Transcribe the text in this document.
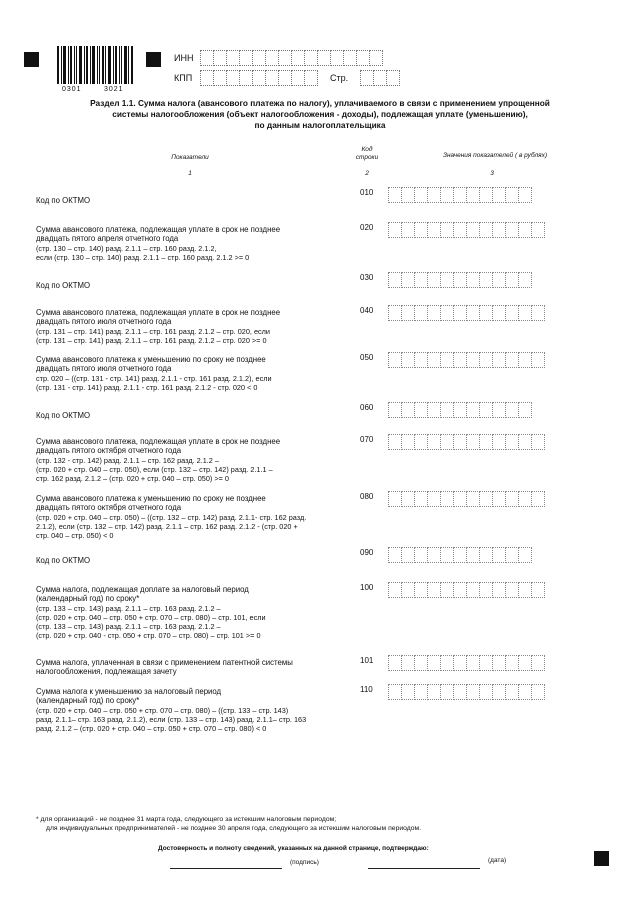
0301	3021
ИНН
КПП	Стр.
Раздел 1.1. Сумма налога (авансового платежа по налогу), уплачиваемого в связи с применением упрощенной
системы налогообложения (объект налогообложения - доходы), подлежащая уплате (уменьшению),
по данным налогоплательщика
Показатели
Код
строки	Значения показателей ( в рублях)
1	2	3
Код по ОКТМО
010
Сумма авансового платежа, подлежащая уплате в срок не позднее
двадцать пятого апреля отчетного года
(стр. 130 – стр. 140) разд. 2.1.1 – стр. 160 разд. 2.1.2,
если (стр. 130 – стр. 140) разд. 2.1.1 – стр. 160 разд. 2.1.2 >= 0
020
Код по ОКТМО
030
Сумма авансового платежа, подлежащая уплате в срок не позднее
двадцать пятого июля отчетного года
(стр. 131 – стр. 141) разд. 2.1.1 – стр. 161 разд. 2.1.2 – стр. 020, если
(стр. 131 – стр. 141) разд. 2.1.1 – стр. 161 разд. 2.1.2 – стр. 020 >= 0
040
Сумма авансового платежа к уменьшению по сроку не позднее
двадцать пятого июля отчетного года
стр. 020 – ((стр. 131 - стр. 141) разд. 2.1.1 - стр. 161 разд. 2.1.2), если
(стр. 131 - стр. 141) разд. 2.1.1 - стр. 161 разд. 2.1.2 - стр. 020 < 0
050
Код по ОКТМО
060
Сумма авансового платежа, подлежащая уплате в срок не позднее
двадцать пятого октября отчетного года
(стр. 132 - стр. 142) разд. 2.1.1 – стр. 162 разд. 2.1.2 –
(стр. 020 + стр. 040 – стр. 050), если (стр. 132 – стр. 142) разд. 2.1.1 –
стр. 162 разд. 2.1.2 – (стр. 020 + стр. 040 – стр. 050) >= 0
070
Сумма авансового платежа к уменьшению по сроку не позднее
двадцать пятого октября отчетного года
(стр. 020 + стр. 040 – стр. 050) – ((стр. 132 – стр. 142) разд. 2.1.1- стр. 162 разд.
2.1.2), если (стр. 132 – стр. 142) разд. 2.1.1 – стр. 162 разд. 2.1.2 - (стр. 020 +
стр. 040 – стр. 050) < 0
080
Код по ОКТМО
090
Сумма налога, подлежащая доплате за налоговый период
(календарный год) по сроку*
(стр. 133 – стр. 143) разд. 2.1.1 – стр. 163 разд. 2.1.2 –
(стр. 020 + стр. 040 – стр. 050 + стр. 070 – стр. 080) – стр. 101, если
(стр. 133 – стр. 143) разд. 2.1.1 – стр. 163 разд. 2.1.2 –
(стр. 020 + стр. 040 - стр. 050 + стр. 070 – стр. 080) – стр. 101 >= 0
100
Сумма налога, уплаченная в связи с применением патентной системы
налогообложения, подлежащая зачету
101
Сумма налога к уменьшению за налоговый период
(календарный год) по сроку*
(стр. 020 + стр. 040 – стр. 050 + стр. 070 – стр. 080) – ((стр. 133 – стр. 143)
разд. 2.1.1– стр. 163 разд. 2.1.2), если (стр. 133 – стр. 143) разд. 2.1.1– стр. 163
разд. 2.1.2 – (стр. 020 + стр. 040 – стр. 050 + стр. 070 – стр. 080) < 0
110
* для организаций - не позднее 31 марта года, следующего за истекшим налоговым периодом;
для индивидуальных предпринимателей - не позднее 30 апреля года, следующего за истекшим налоговым периодом.
Достоверность и полноту сведений, указанных на данной странице, подтверждаю:
(подпись)	(дата)
